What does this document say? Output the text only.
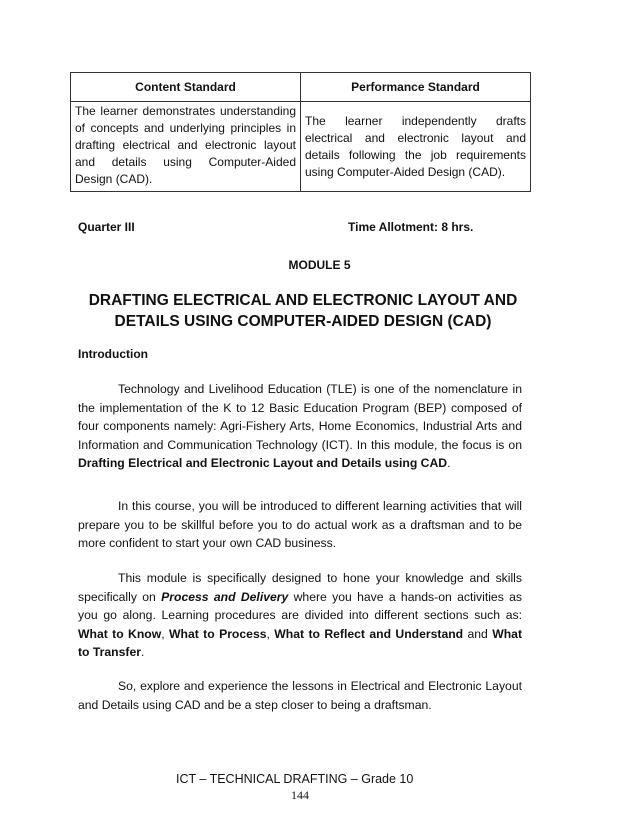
Content Standard	Performance Standard
The learner demonstrates understanding of concepts and underlying principles in drafting electrical and electronic layout and details using Computer-Aided Design (CAD).	The learner independently drafts electrical and electronic layout and details following the job requirements using Computer-Aided Design (CAD).
Quarter III	Time Allotment: 8 hrs.
MODULE 5
DRAFTING ELECTRICAL AND ELECTRONIC LAYOUT AND
DETAILS USING COMPUTER-AIDED DESIGN (CAD)
Introduction

Technology and Livelihood Education (TLE) is one of the nomenclature in the implementation of the K to 12 Basic Education Program (BEP) composed of four components namely: Agri-Fishery Arts, Home Economics, Industrial Arts and Information and Communication Technology (ICT). In this module, the focus is on Drafting Electrical and Electronic Layout and Details using CAD.

In this course, you will be introduced to different learning activities that will prepare you to be skillful before you to do actual work as a draftsman and to be more confident to start your own CAD business.

This module is specifically designed to hone your knowledge and skills specifically on Process and Delivery where you have a hands-on activities as you go along. Learning procedures are divided into different sections such as: What to Know, What to Process, What to Reflect and Understand and What to Transfer.

So, explore and experience the lessons in Electrical and Electronic Layout and Details using CAD and be a step closer to being a draftsman.

ICT – TECHNICAL DRAFTING – Grade 10
144
